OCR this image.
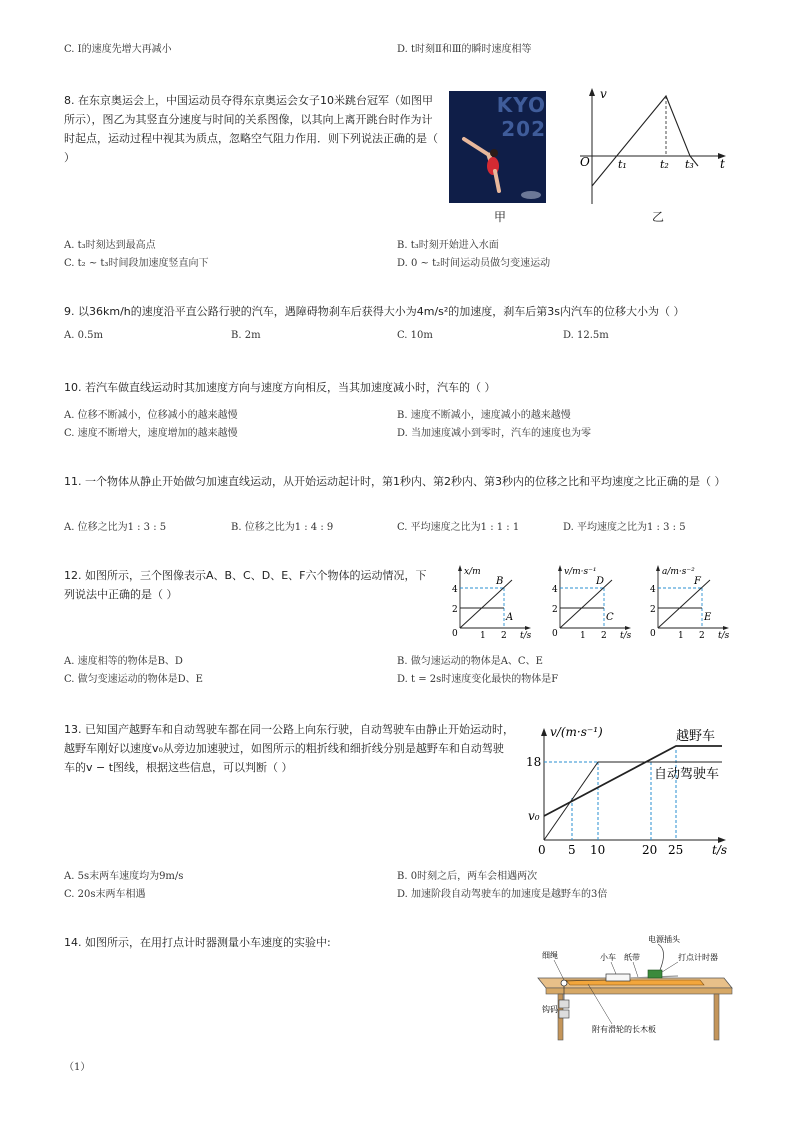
C. Ⅰ的速度先增大再减小	D. t时刻Ⅱ和Ⅲ的瞬时速度相等
8. 在东京奥运会上，中国运动员夺得东京奥运会女子10米跳台冠军（如图甲所示），图乙为其竖直分速度与时间的关系图像，以其向上离开跳台时作为计时起点，运动过程中视其为质点，忽略空气阻力作用．则下列说法正确的是（ ）
KYO 202
甲
v
O	t
t₁	t₂ t₃
乙
A. t₃时刻达到最高点	B. t₃时刻开始进入水面
C. t₂ ~ t₃时间段加速度竖直向下	D. 0 ~ t₂时间运动员做匀变速运动
9. 以36km/h的速度沿平直公路行驶的汽车，遇障碍物刹车后获得大小为4m/s²的加速度，刹车后第3s内汽车的位移大小为（ ）
A. 0.5m	B. 2m	C. 10m	D. 12.5m
10. 若汽车做直线运动时其加速度方向与速度方向相反，当其加速度减小时，汽车的（ ）
A. 位移不断减小，位移减小的越来越慢	B. 速度不断减小，速度减小的越来越慢
C. 速度不断增大，速度增加的越来越慢	D. 当加速度减小到零时，汽车的速度也为零
11. 一个物体从静止开始做匀加速直线运动，从开始运动起计时，第1秒内、第2秒内、第3秒内的位移之比和平均速度之比正确的是（ ）
A. 位移之比为1 : 3 : 5	B. 位移之比为1 : 4 : 9	C. 平均速度之比为1 : 1 : 1	D. 平均速度之比为1 : 3 : 5
12. 如图所示，三个图像表示A、B、C、D、E、F六个物体的运动情况，下列说法中正确的是（ ）
x/m
t/s
4
2
0 1 2
B
A
v/m·s⁻¹
t/s
4
2
0 1 2
D
C
a/m·s⁻²
t/s
4
2
0 1 2
F
E
A. 速度相等的物体是B、D	B. 做匀速运动的物体是A、C、E
C. 做匀变速运动的物体是D、E	D. t = 2s时速度变化最快的物体是F
13. 已知国产越野车和自动驾驶车都在同一公路上向东行驶，自动驾驶车由静止开始运动时，越野车刚好以速度v₀从旁边加速驶过，如图所示的粗折线和细折线分别是越野车和自动驾驶车的v − t图线，根据这些信息，可以判断（ ）
v/(m·s⁻¹)
t/s
18
v₀
0 5 10	20 25
越野车
自动驾驶车
A. 5s末两车速度均为9m/s	B. 0时刻之后，两车会相遇两次
C. 20s末两车相遇	D. 加速阶段自动驾驶车的加速度是越野车的3倍
14. 如图所示，在用打点计时器测量小车速度的实验中:	电源插头
细绳	小车 纸带	打点计时器
钩码
附有滑轮的长木板
（1）
